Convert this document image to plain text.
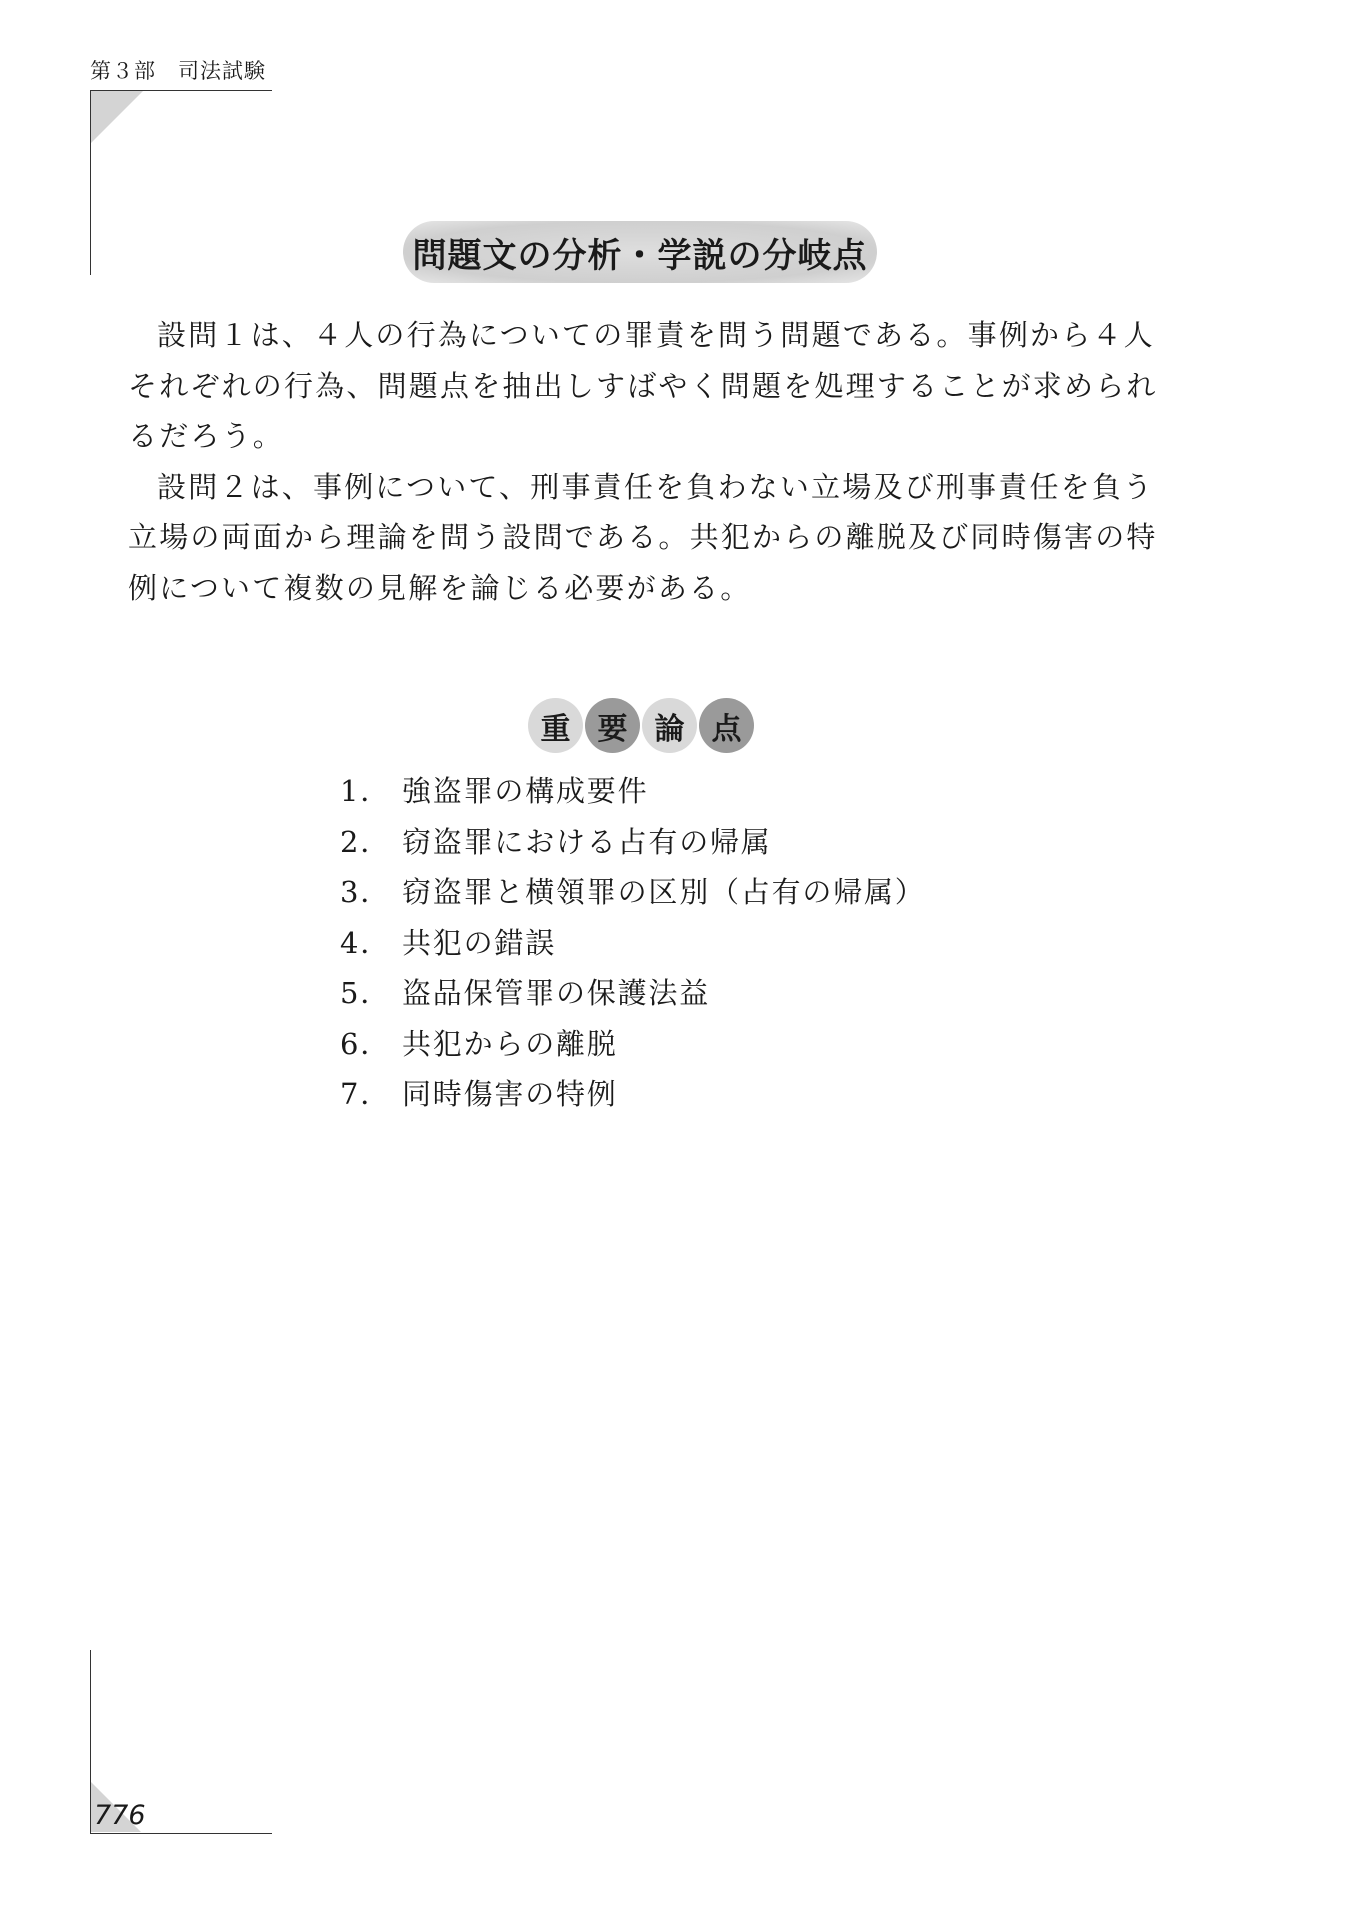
第３部　司法試験
問題文の分析・学説の分岐点

設問１は、４人の行為についての罪責を問う問題である。事例から４人それぞれの行為、問題点を抽出しすばやく問題を処理することが求められるだろう。

設問２は、事例について、刑事責任を負わない立場及び刑事責任を負う立場の両面から理論を問う設問である。共犯からの離脱及び同時傷害の特例について複数の見解を論じる必要がある。

重 要 論 点
1． 強盗罪の構成要件
2． 窃盗罪における占有の帰属
3． 窃盗罪と横領罪の区別（占有の帰属）
4． 共犯の錯誤
5． 盗品保管罪の保護法益
6． 共犯からの離脱
7． 同時傷害の特例
776
